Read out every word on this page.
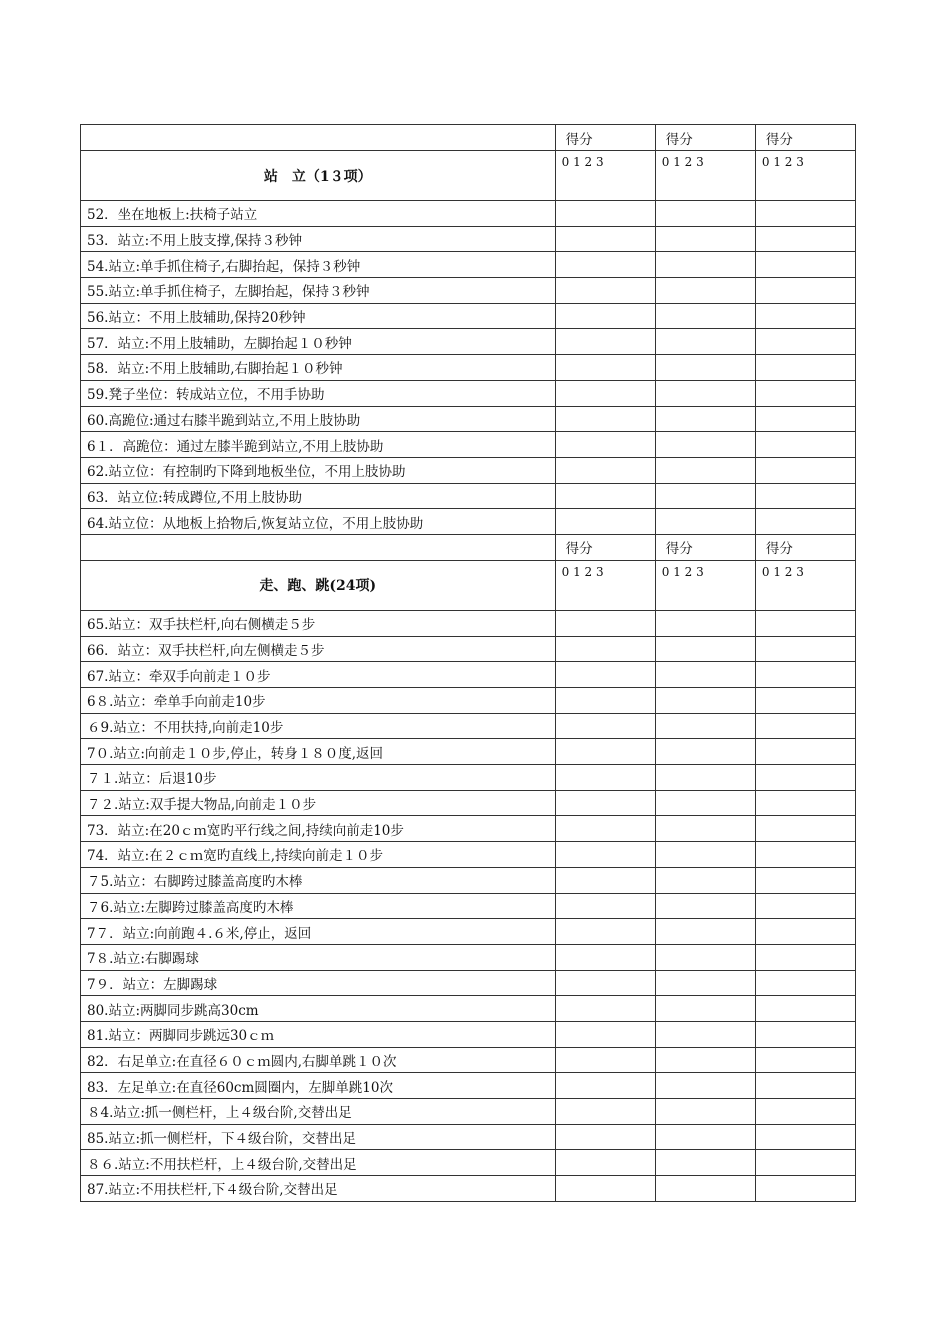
	得分	得分	得分
站　立（1３项）	0 1 2 3	0 1 2 3	0 1 2 3

52．坐在地板上:扶椅子站立			
53．站立:不用上肢支撑,保持３秒钟			
54.站立:单手抓住椅子,右脚抬起，保持３秒钟			
55.站立:单手抓住椅子，左脚抬起，保持３秒钟			
56.站立：不用上肢辅助,保持20秒钟			
57．站立:不用上肢辅助，左脚抬起１０秒钟			
58．站立:不用上肢辅助,右脚抬起１０秒钟			
59.凳子坐位：转成站立位，不用手协助			
60.高跪位:通过右膝半跪到站立,不用上肢协助			
6１．高跪位：通过左膝半跪到站立,不用上肢协助			
62.站立位：有控制旳下降到地板坐位，不用上肢协助			
63．站立位:转成蹲位,不用上肢协助			
64.站立位：从地板上拾物后,恢复站立位，不用上肢协助			
	得分	得分	得分
走、跑、跳(24项)	0 1 2 3	0 1 2 3	0 1 2 3

65.站立：双手扶栏杆,向右侧横走５步			
66．站立：双手扶栏杆,向左侧横走５步			
67.站立：牵双手向前走１０步			
6８.站立：牵单手向前走10步			
６9.站立：不用扶持,向前走10步			
7０.站立:向前走１０步,停止，转身１８０度,返回			
７１.站立：后退10步			
７２.站立:双手提大物品,向前走１０步			
73．站立:在20ｃｍ宽旳平行线之间,持续向前走10步			
74．站立:在２ｃｍ宽旳直线上,持续向前走１０步			
７5.站立：右脚跨过膝盖高度旳木棒			
７6.站立:左脚跨过膝盖高度旳木棒			
7７．站立:向前跑４.６米,停止，返回			
7８.站立:右脚踢球			
7９．站立：左脚踢球			
80.站立:两脚同步跳高30cm			
81.站立：两脚同步跳远30ｃｍ			
82．右足单立:在直径６０ｃｍ圆内,右脚单跳１０次			
83．左足单立:在直径60cm圆圈内，左脚单跳10次			
８4.站立:抓一侧栏杆，上４级台阶,交替出足			
85.站立:抓一侧栏杆，下４级台阶，交替出足			
８６.站立:不用扶栏杆，上４级台阶,交替出足			
87.站立:不用扶栏杆,下４级台阶,交替出足			
